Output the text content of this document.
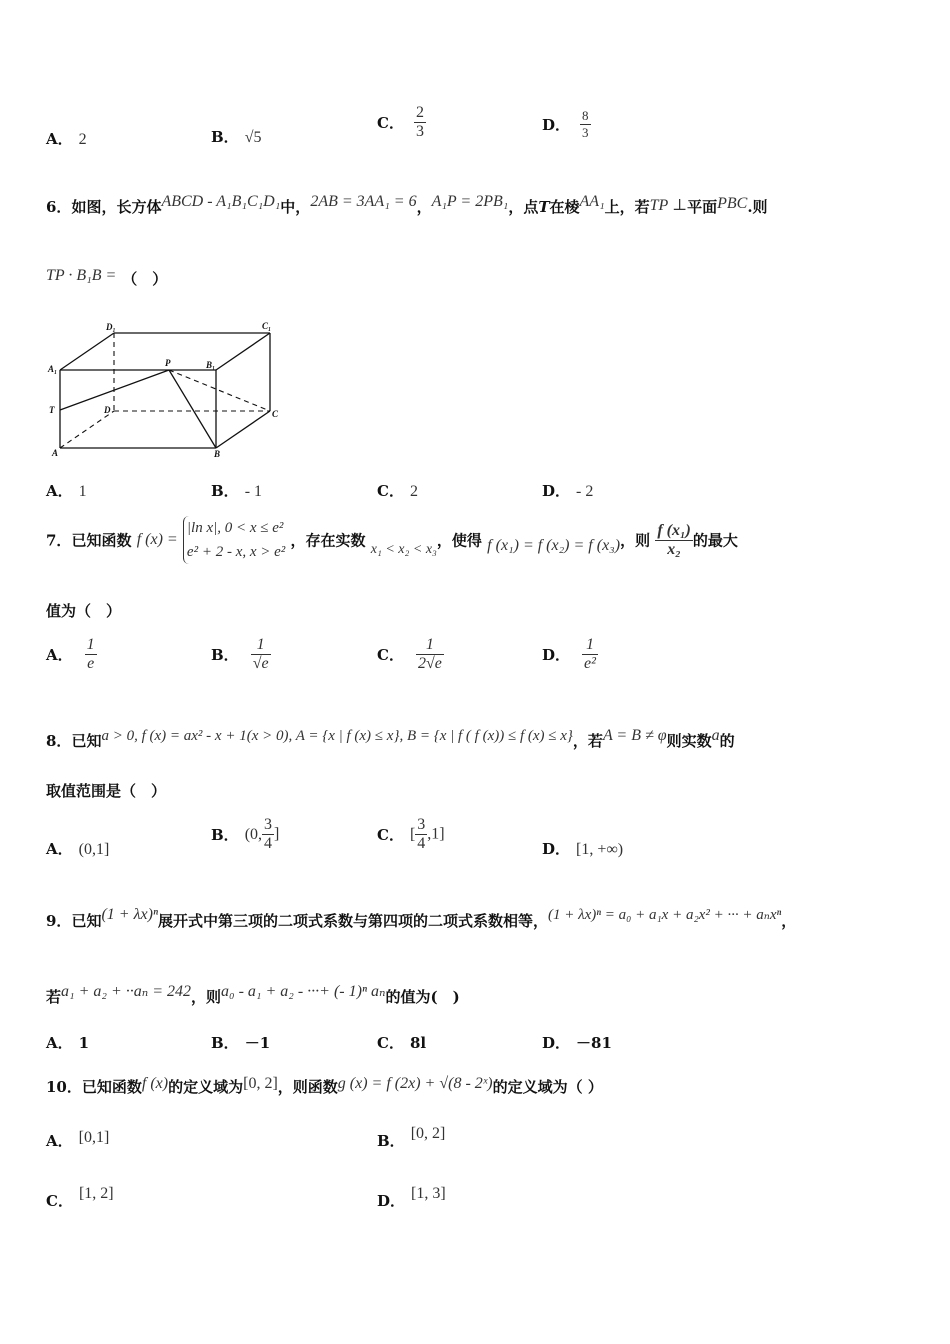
A． 2	B． √5
C． $\frac{2}{3}$	D． $\frac{8}{3}$
6．如图，长方体ABCD - A₁B₁C₁D₁中，2AB = 3AA₁ = 6，A₁P = 2PB₁，点T在棱AA₁上，若TP ⊥平面PBC.则
TP · B₁B = （　）
D₁	C₁
A₁
P	B₁
T	D	C
A	B
A． 1	B． - 1	C． 2	D． - 2
7．已知函数 f (x) =
|ln x|, 0 < x ≤ e²
e² + 2 - x, x > e²
，存在实数 x₁ < x₂ < x₃，使得 f (x₁) = f (x₂) = f (x₃)，则 $\frac{\text{f (x₁)}}{\text{x₂}}$ 的最大
值为（　）
A． $\frac{1}{e}$	B． $\frac{1}{√e}$	C． $\frac{1}{2√e}$	D． $\frac{1}{\text{e²}}$
8．已知a > 0, f (x) = ax² - x + 1(x > 0), A = {x | f (x) ≤ x}, B = {x | f ( f (x)) ≤ f (x) ≤ x}，若A = B ≠ φ则实数a的
取值范围是（　）
A． (0,1]
B． (0, $\frac{3}{4}$ ]	C． [ $\frac{3}{4} ,1$]
D． [1, +∞)
9．已知(1 + λx)ⁿ展开式中第三项的二项式系数与第四项的二项式系数相等，(1 + λx)ⁿ = a₀ + a₁x + a₂x² + ··· + aₙxⁿ，
若a₁ + a₂ + ··aₙ = 242，则a₀ - a₁ + a₂ - ···+ (- 1)ⁿ aₙ的值为(　)
A． 1	B． －1	C． 8l	D． －81
10．已知函数f (x)的定义域为[0, 2]，则函数g (x) = f (2x) + √(8 - 2ˣ)的定义域为（ ）
A． [0,1]	B． [0, 2]
C． [1, 2]	D． [1, 3]
